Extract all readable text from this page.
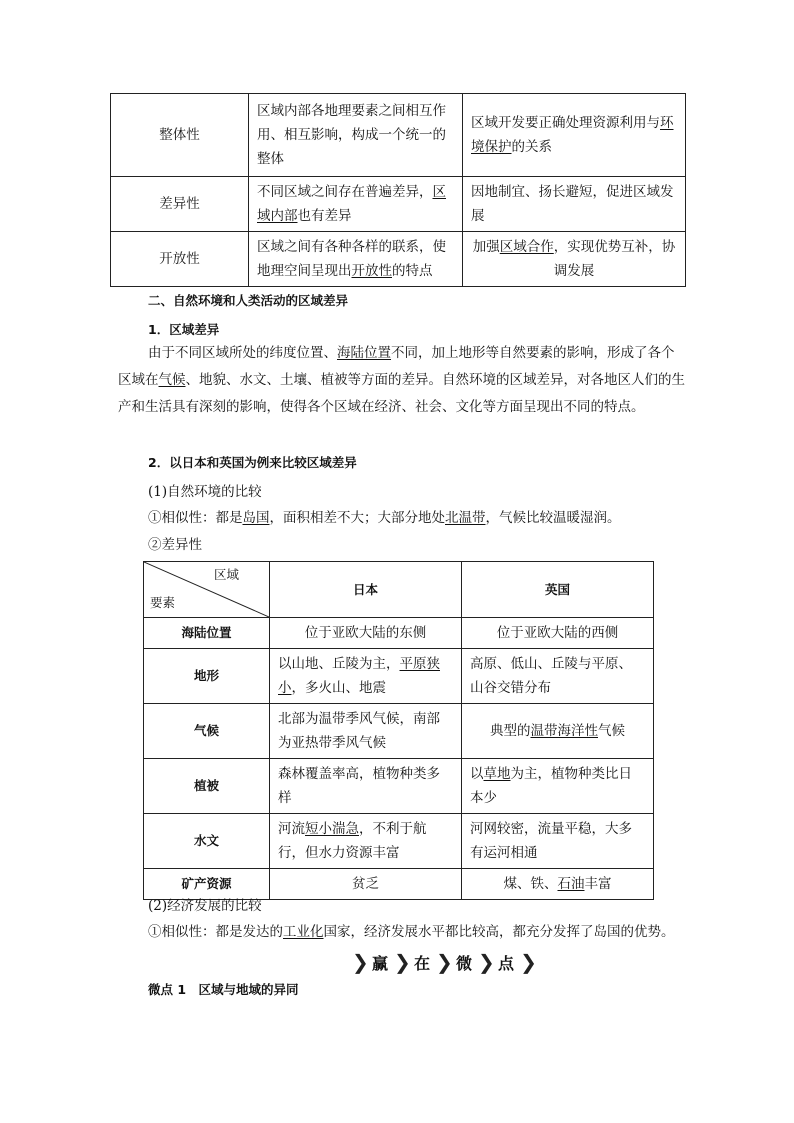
整体性	区域内部各地理要素之间相互作用、相互影响，构成一个统一的整体	区域开发要正确处理资源利用与环境保护的关系
差异性	不同区域之间存在普遍差异，区域内部也有差异	因地制宜、扬长避短，促进区域发展
开放性	区域之间有各种各样的联系，使地理空间呈现出开放性的特点	加强区域合作，实现优势互补，协调发展
二、自然环境和人类活动的区域差异
1．区域差异
由于不同区域所处的纬度位置、海陆位置不同，加上地形等自然要素的影响，形成了各个区域在气候、地貌、水文、土壤、植被等方面的差异。自然环境的区域差异，对各地区人们的生产和生活具有深刻的影响，使得各个区域在经济、社会、文化等方面呈现出不同的特点。
2．以日本和英国为例来比较区域差异
(1)自然环境的比较
①相似性：都是岛国，面积相差不大；大部分地处北温带，气候比较温暖湿润。
②差异性
区域
要素	日本	英国
海陆位置	位于亚欧大陆的东侧	位于亚欧大陆的西侧
地形	以山地、丘陵为主，平原狭小，多火山、地震	高原、低山、丘陵与平原、山谷交错分布
气候	北部为温带季风气候，南部为亚热带季风气候	典型的温带海洋性气候
植被	森林覆盖率高，植物种类多样	以草地为主，植物种类比日本少
水文	河流短小湍急，不利于航行，但水力资源丰富	河网较密，流量平稳，大多有运河相通
矿产资源	贫乏	煤、铁、石油丰富
(2)经济发展的比较
①相似性：都是发达的工业化国家，经济发展水平都比较高，都充分发挥了岛国的优势。
❯ 赢 ❯ 在 ❯ 微 ❯ 点 ❯
微点 1　区域与地域的异同
